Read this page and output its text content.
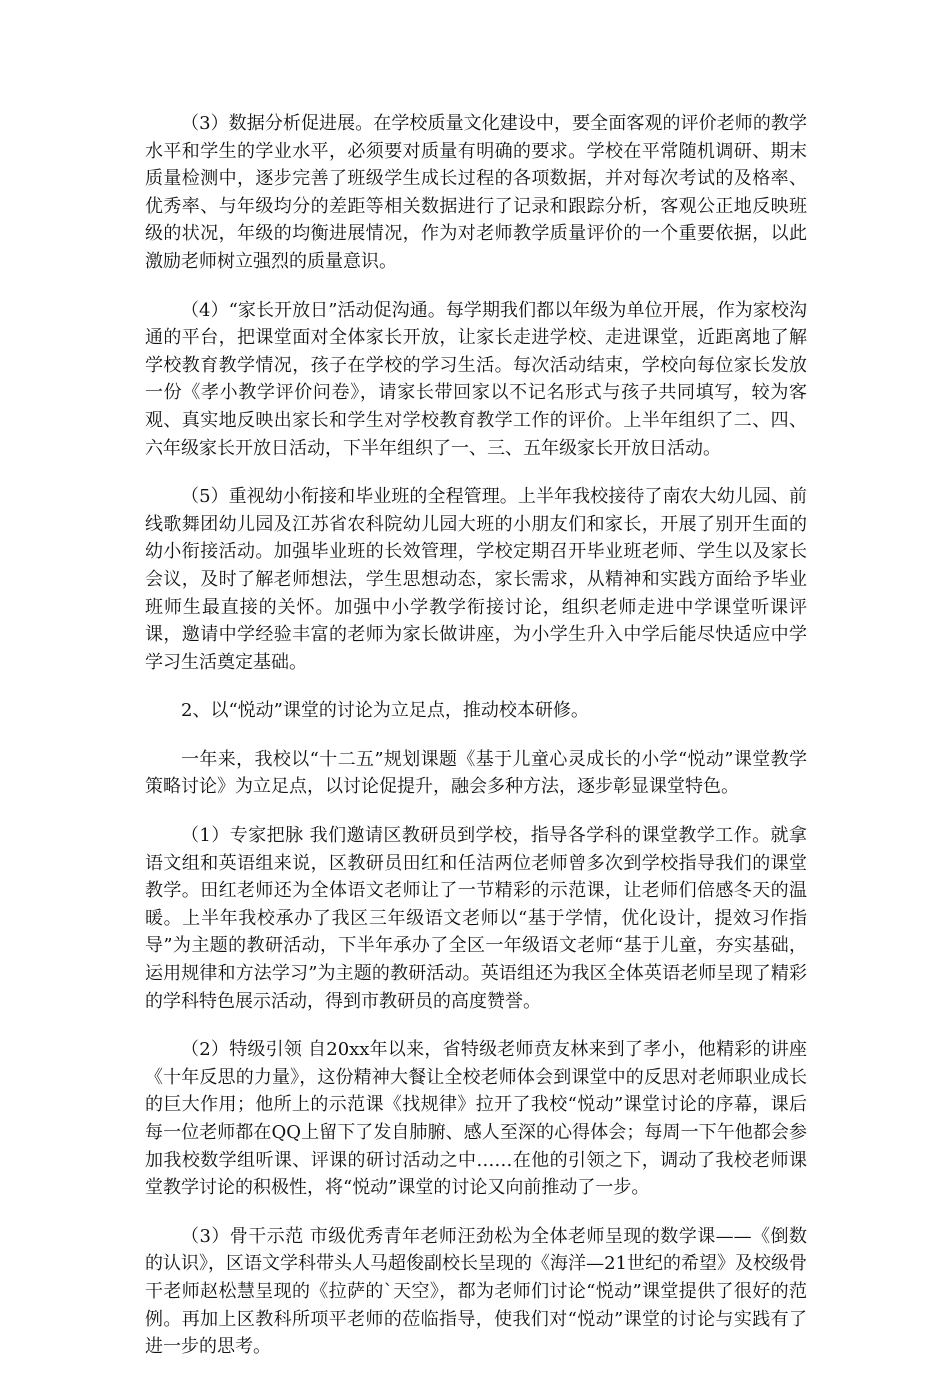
（3）数据分析促进展。在学校质量文化建设中，要全面客观的评价老师的教学水平和学生的学业水平，必须要对质量有明确的要求。学校在平常随机调研、期末质量检测中，逐步完善了班级学生成长过程的各项数据，并对每次考试的及格率、优秀率、与年级均分的差距等相关数据进行了记录和跟踪分析，客观公正地反映班级的状况，年级的均衡进展情况，作为对老师教学质量评价的一个重要依据，以此激励老师树立强烈的质量意识。

（4）“家长开放日”活动促沟通。每学期我们都以年级为单位开展，作为家校沟通的平台，把课堂面对全体家长开放，让家长走进学校、走进课堂，近距离地了解学校教育教学情况，孩子在学校的学习生活。每次活动结束，学校向每位家长发放一份《孝小教学评价问卷》，请家长带回家以不记名形式与孩子共同填写，较为客观、真实地反映出家长和学生对学校教育教学工作的评价。上半年组织了二、四、六年级家长开放日活动，下半年组织了一、三、五年级家长开放日活动。

（5）重视幼小衔接和毕业班的全程管理。上半年我校接待了南农大幼儿园、前线歌舞团幼儿园及江苏省农科院幼儿园大班的小朋友们和家长，开展了别开生面的幼小衔接活动。加强毕业班的长效管理，学校定期召开毕业班老师、学生以及家长会议，及时了解老师想法，学生思想动态，家长需求，从精神和实践方面给予毕业班师生最直接的关怀。加强中小学教学衔接讨论，组织老师走进中学课堂听课评课，邀请中学经验丰富的老师为家长做讲座，为小学生升入中学后能尽快适应中学学习生活奠定基础。

2、以“悦动”课堂的讨论为立足点，推动校本研修。

一年来，我校以“十二五”规划课题《基于儿童心灵成长的小学“悦动”课堂教学策略讨论》为立足点，以讨论促提升，融会多种方法，逐步彰显课堂特色。

（1）专家把脉 我们邀请区教研员到学校，指导各学科的课堂教学工作。就拿语文组和英语组来说，区教研员田红和任洁两位老师曾多次到学校指导我们的课堂教学。田红老师还为全体语文老师让了一节精彩的示范课，让老师们倍感冬天的温暖。上半年我校承办了我区三年级语文老师以“基于学情，优化设计，提效习作指导”为主题的教研活动，下半年承办了全区一年级语文老师“基于儿童，夯实基础，运用规律和方法学习”为主题的教研活动。英语组还为我区全体英语老师呈现了精彩的学科特色展示活动，得到市教研员的高度赞誉。

（2）特级引领 自20xx年以来，省特级老师贲友林来到了孝小，他精彩的讲座《十年反思的力量》，这份精神大餐让全校老师体会到课堂中的反思对老师职业成长的巨大作用；他所上的示范课《找规律》拉开了我校“悦动”课堂讨论的序幕，课后每一位老师都在QQ上留下了发自肺腑、感人至深的心得体会；每周一下午他都会参加我校数学组听课、评课的研讨活动之中……在他的引领之下，调动了我校老师课堂教学讨论的积极性，将“悦动”课堂的讨论又向前推动了一步。

（3）骨干示范 市级优秀青年老师汪劲松为全体老师呈现的数学课——《倒数的认识》，区语文学科带头人马超俊副校长呈现的《海洋—21世纪的希望》及校级骨干老师赵松慧呈现的《拉萨的`天空》，都为老师们讨论“悦动”课堂提供了很好的范例。再加上区教科所项平老师的莅临指导，使我们对“悦动”课堂的讨论与实践有了进一步的思考。
